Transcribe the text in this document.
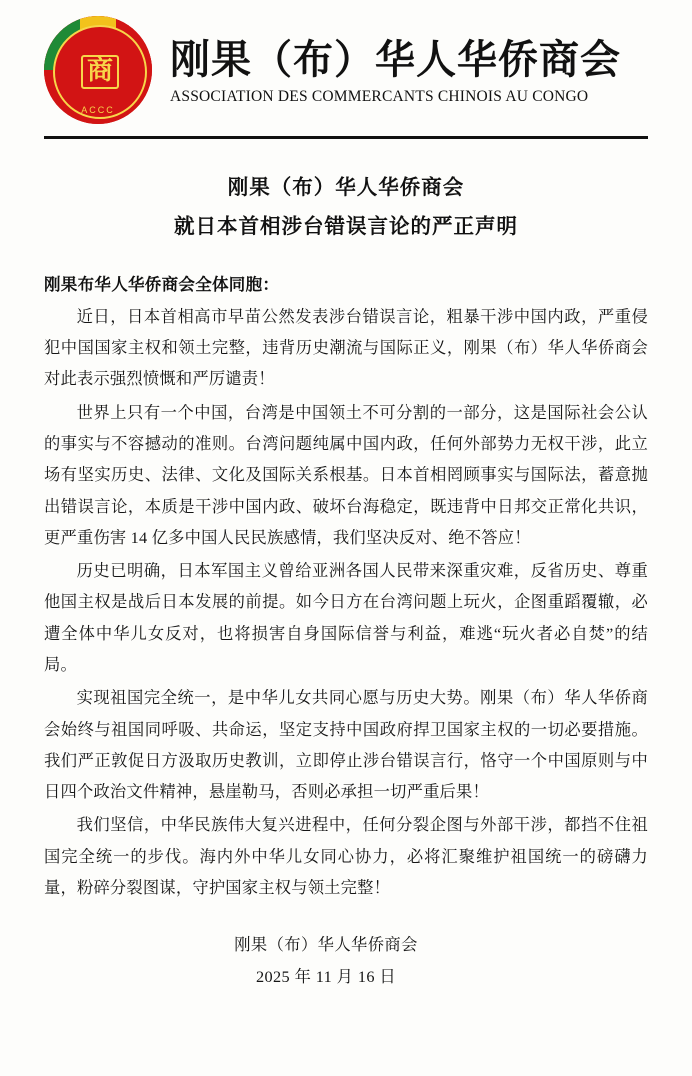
商
ACCC
刚果（布）华人华侨商会
ASSOCIATION DES COMMERCANTS CHINOIS AU CONGO
刚果（布）华人华侨商会
就日本首相涉台错误言论的严正声明
刚果布华人华侨商会全体同胞：

近日，日本首相高市早苗公然发表涉台错误言论，粗暴干涉中国内政，严重侵犯中国国家主权和领土完整，违背历史潮流与国际正义，刚果（布）华人华侨商会对此表示强烈愤慨和严厉谴责！

世界上只有一个中国，台湾是中国领土不可分割的一部分，这是国际社会公认的事实与不容撼动的准则。台湾问题纯属中国内政，任何外部势力无权干涉，此立场有坚实历史、法律、文化及国际关系根基。日本首相罔顾事实与国际法，蓄意抛出错误言论，本质是干涉中国内政、破坏台海稳定，既违背中日邦交正常化共识，更严重伤害 14 亿多中国人民民族感情，我们坚决反对、绝不答应！

历史已明确，日本军国主义曾给亚洲各国人民带来深重灾难，反省历史、尊重他国主权是战后日本发展的前提。如今日方在台湾问题上玩火，企图重蹈覆辙，必遭全体中华儿女反对，也将损害自身国际信誉与利益，难逃“玩火者必自焚”的结局。

实现祖国完全统一，是中华儿女共同心愿与历史大势。刚果（布）华人华侨商会始终与祖国同呼吸、共命运，坚定支持中国政府捍卫国家主权的一切必要措施。我们严正敦促日方汲取历史教训，立即停止涉台错误言行，恪守一个中国原则与中日四个政治文件精神，悬崖勒马，否则必承担一切严重后果！

我们坚信，中华民族伟大复兴进程中，任何分裂企图与外部干涉，都挡不住祖国完全统一的步伐。海内外中华儿女同心协力，必将汇聚维护祖国统一的磅礴力量，粉碎分裂图谋，守护国家主权与领土完整！

刚果（布）华人华侨商会
2025 年 11 月 16 日
